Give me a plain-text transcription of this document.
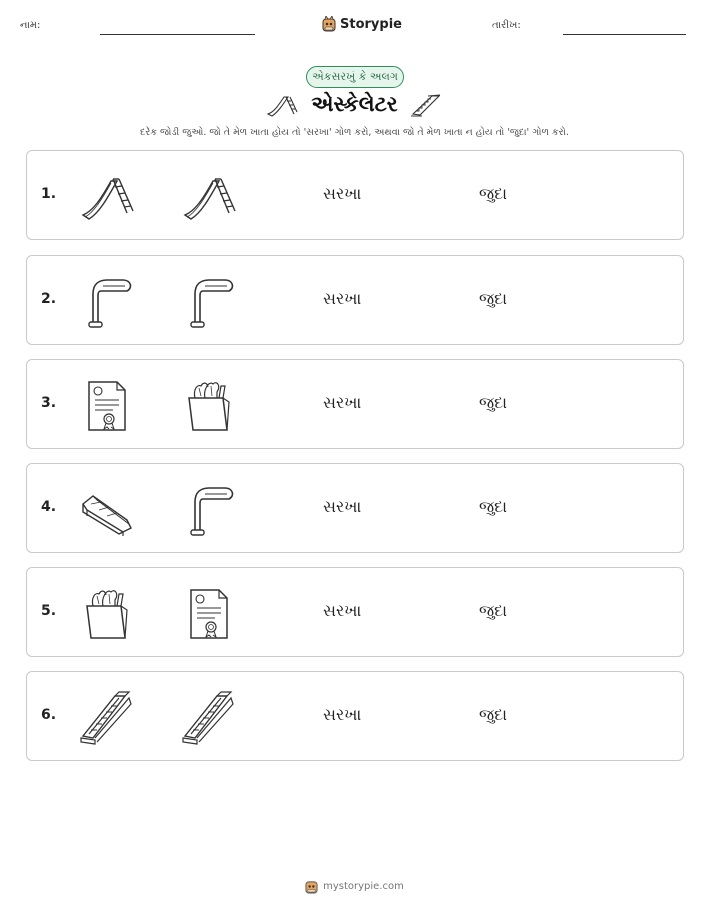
નામ:	Storypie	તારીખ:
એકસરખું કે અલગ
એસ્કેલેટર
દરેક જોડી જુઓ. જો તે મેળ ખાતા હોય તો 'સરખા' ગોળ કરો, અથવા જો તે મેળ ખાતા ન હોય તો 'જુદા' ગોળ કરો.
1.	સરખા	જુદા
2.	સરખા	જુદા
3.	સરખા	જુદા
4.	સરખા	જુદા
5.	સરખા	જુદા
6.	સરખા	જુદા
mystorypie.com
